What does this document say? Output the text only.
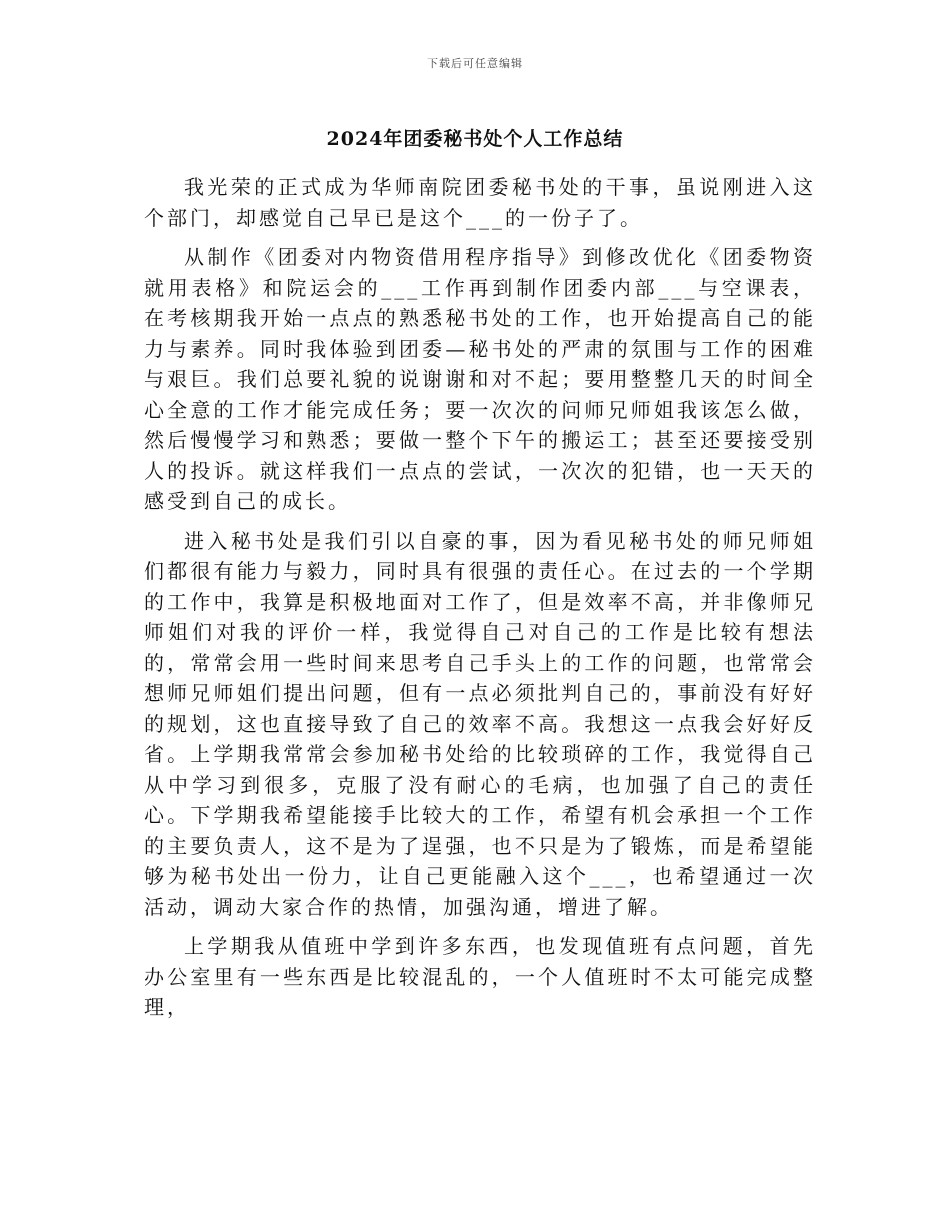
下载后可任意编辑
2024年团委秘书处个人工作总结

我光荣的正式成为华师南院团委秘书处的干事，虽说刚进入这个部门，却感觉自己早已是这个___的一份子了。

从制作《团委对内物资借用程序指导》到修改优化《团委物资就用表格》和院运会的___工作再到制作团委内部___与空课表，在考核期我开始一点点的熟悉秘书处的工作，也开始提高自己的能力与素养。同时我体验到团委—秘书处的严肃的氛围与工作的困难与艰巨。我们总要礼貌的说谢谢和对不起；要用整整几天的时间全心全意的工作才能完成任务；要一次次的问师兄师姐我该怎么做，然后慢慢学习和熟悉；要做一整个下午的搬运工；甚至还要接受别人的投诉。就这样我们一点点的尝试，一次次的犯错，也一天天的感受到自己的成长。

进入秘书处是我们引以自豪的事，因为看见秘书处的师兄师姐们都很有能力与毅力，同时具有很强的责任心。在过去的一个学期的工作中，我算是积极地面对工作了，但是效率不高，并非像师兄师姐们对我的评价一样，我觉得自己对自己的工作是比较有想法的，常常会用一些时间来思考自己手头上的工作的问题，也常常会想师兄师姐们提出问题，但有一点必须批判自己的，事前没有好好的规划，这也直接导致了自己的效率不高。我想这一点我会好好反省。上学期我常常会参加秘书处给的比较琐碎的工作，我觉得自己从中学习到很多，克服了没有耐心的毛病，也加强了自己的责任心。下学期我希望能接手比较大的工作，希望有机会承担一个工作的主要负责人，这不是为了逞强，也不只是为了锻炼，而是希望能够为秘书处出一份力，让自己更能融入这个___，也希望通过一次活动，调动大家合作的热情，加强沟通，增进了解。

上学期我从值班中学到许多东西，也发现值班有点问题，首先办公室里有一些东西是比较混乱的，一个人值班时不太可能完成整理，
